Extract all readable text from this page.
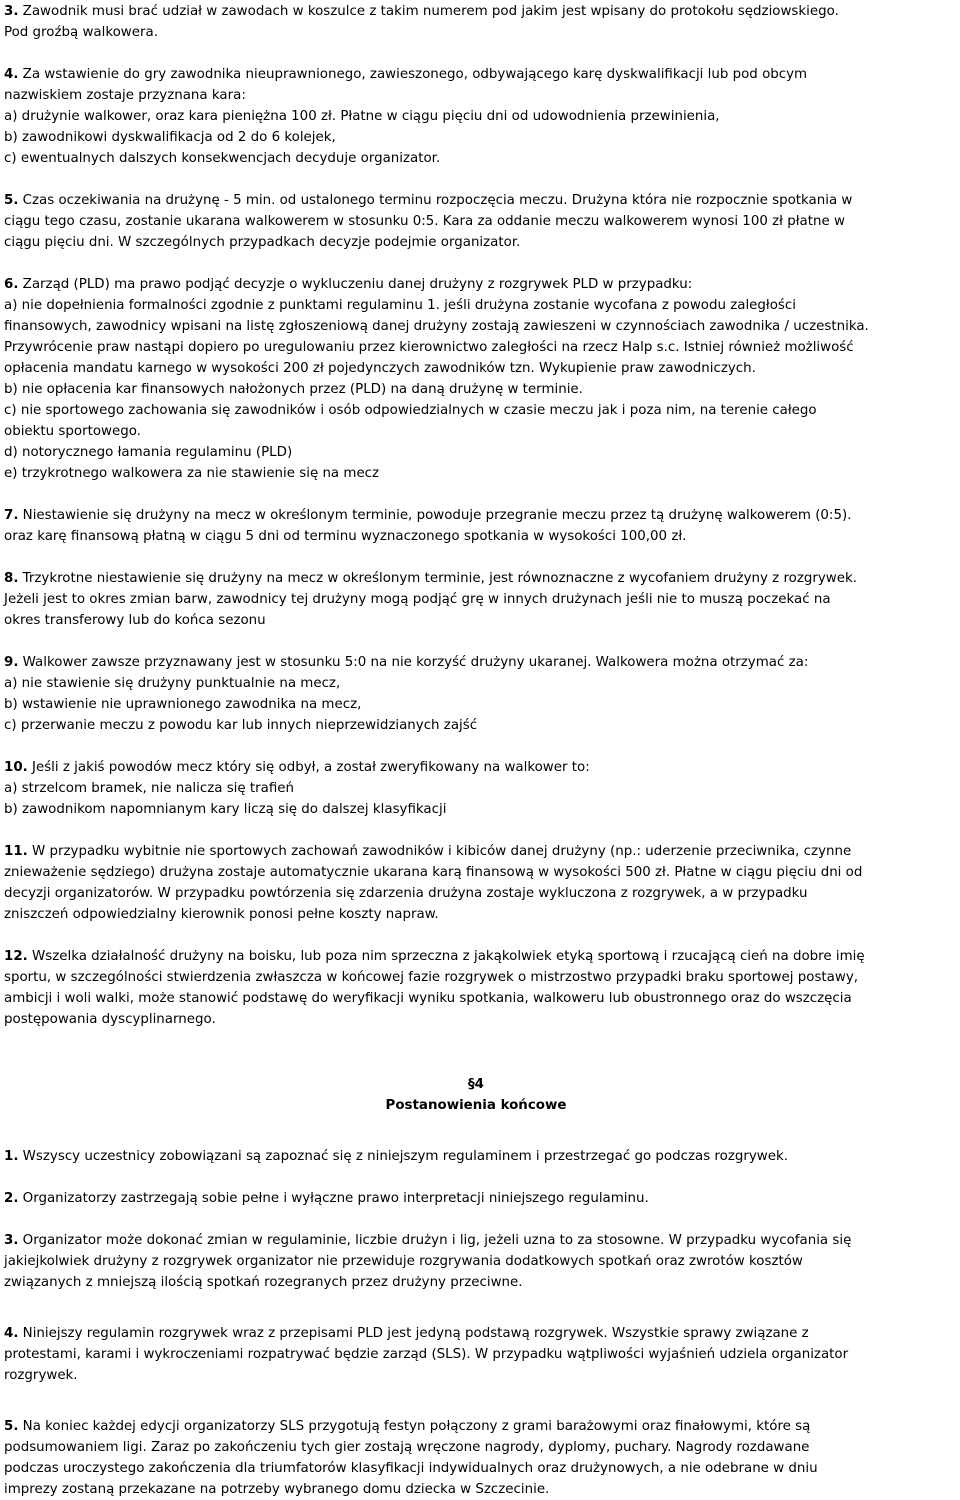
3. Zawodnik musi brać udział w zawodach w koszulce z takim numerem pod jakim jest wpisany do protokołu sędziowskiego.
Pod groźbą walkowera.
4. Za wstawienie do gry zawodnika nieuprawnionego, zawieszonego, odbywającego karę dyskwalifikacji lub pod obcym
nazwiskiem zostaje przyznana kara:
a) drużynie walkower, oraz kara pieniężna 100 zł. Płatne w ciągu pięciu dni od udowodnienia przewinienia,
b) zawodnikowi dyskwalifikacja od 2 do 6 kolejek,
c) ewentualnych dalszych konsekwencjach decyduje organizator.
5. Czas oczekiwania na drużynę - 5 min. od ustalonego terminu rozpoczęcia meczu. Drużyna która nie rozpocznie spotkania w
ciągu tego czasu, zostanie ukarana walkowerem w stosunku 0:5. Kara za oddanie meczu walkowerem wynosi 100 zł płatne w
ciągu pięciu dni. W szczególnych przypadkach decyzje podejmie organizator.
6. Zarząd (PLD) ma prawo podjąć decyzje o wykluczeniu danej drużyny z rozgrywek PLD w przypadku:
a) nie dopełnienia formalności zgodnie z punktami regulaminu 1. jeśli drużyna zostanie wycofana z powodu zaległości
finansowych, zawodnicy wpisani na listę zgłoszeniową danej drużyny zostają zawieszeni w czynnościach zawodnika / uczestnika.
Przywrócenie praw nastąpi dopiero po uregulowaniu przez kierownictwo zaległości na rzecz Halp s.c. Istniej również możliwość
opłacenia mandatu karnego w wysokości 200 zł pojedynczych zawodników tzn. Wykupienie praw zawodniczych.
b) nie opłacenia kar finansowych nałożonych przez (PLD) na daną drużynę w terminie.
c) nie sportowego zachowania się zawodników i osób odpowiedzialnych w czasie meczu jak i poza nim, na terenie całego
obiektu sportowego.
d) notorycznego łamania regulaminu (PLD)
e) trzykrotnego walkowera za nie stawienie się na mecz
7. Niestawienie się drużyny na mecz w określonym terminie, powoduje przegranie meczu przez tą drużynę walkowerem (0:5).
oraz karę finansową płatną w ciągu 5 dni od terminu wyznaczonego spotkania w wysokości 100,00 zł.
8. Trzykrotne niestawienie się drużyny na mecz w określonym terminie, jest równoznaczne z wycofaniem drużyny z rozgrywek.
Jeżeli jest to okres zmian barw, zawodnicy tej drużyny mogą podjąć grę w innych drużynach jeśli nie to muszą poczekać na
okres transferowy lub do końca sezonu
9. Walkower zawsze przyznawany jest w stosunku 5:0 na nie korzyść drużyny ukaranej. Walkowera można otrzymać za:
a) nie stawienie się drużyny punktualnie na mecz,
b) wstawienie nie uprawnionego zawodnika na mecz,
c) przerwanie meczu z powodu kar lub innych nieprzewidzianych zajść
10. Jeśli z jakiś powodów mecz który się odbył, a został zweryfikowany na walkower to:
a) strzelcom bramek, nie nalicza się trafień
b) zawodnikom napomnianym kary liczą się do dalszej klasyfikacji
11. W przypadku wybitnie nie sportowych zachowań zawodników i kibiców danej drużyny (np.: uderzenie przeciwnika, czynne
znieważenie sędziego) drużyna zostaje automatycznie ukarana karą finansową w wysokości 500 zł. Płatne w ciągu pięciu dni od
decyzji organizatorów. W przypadku powtórzenia się zdarzenia drużyna zostaje wykluczona z rozgrywek, a w przypadku
zniszczeń odpowiedzialny kierownik ponosi pełne koszty napraw.
12. Wszelka działalność drużyny na boisku, lub poza nim sprzeczna z jakąkolwiek etyką sportową i rzucającą cień na dobre imię
sportu, w szczególności stwierdzenia zwłaszcza w końcowej fazie rozgrywek o mistrzostwo przypadki braku sportowej postawy,
ambicji i woli walki, może stanowić podstawę do weryfikacji wyniku spotkania, walkoweru lub obustronnego oraz do wszczęcia
postępowania dyscyplinarnego.
§4
Postanowienia końcowe
1. Wszyscy uczestnicy zobowiązani są zapoznać się z niniejszym regulaminem i przestrzegać go podczas rozgrywek.
2. Organizatorzy zastrzegają sobie pełne i wyłączne prawo interpretacji niniejszego regulaminu.
3. Organizator może dokonać zmian w regulaminie, liczbie drużyn i lig, jeżeli uzna to za stosowne. W przypadku wycofania się
jakiejkolwiek drużyny z rozgrywek organizator nie przewiduje rozgrywania dodatkowych spotkań oraz zwrotów kosztów
związanych z mniejszą ilością spotkań rozegranych przez drużyny przeciwne.
4. Niniejszy regulamin rozgrywek wraz z przepisami PLD jest jedyną podstawą rozgrywek. Wszystkie sprawy związane z
protestami, karami i wykroczeniami rozpatrywać będzie zarząd (SLS). W przypadku wątpliwości wyjaśnień udziela organizator
rozgrywek.
5. Na koniec każdej edycji organizatorzy SLS przygotują festyn połączony z grami barażowymi oraz finałowymi, które są
podsumowaniem ligi. Zaraz po zakończeniu tych gier zostają wręczone nagrody, dyplomy, puchary. Nagrody rozdawane
podczas uroczystego zakończenia dla triumfatorów klasyfikacji indywidualnych oraz drużynowych, a nie odebrane w dniu
imprezy zostaną przekazane na potrzeby wybranego domu dziecka w Szczecinie.
